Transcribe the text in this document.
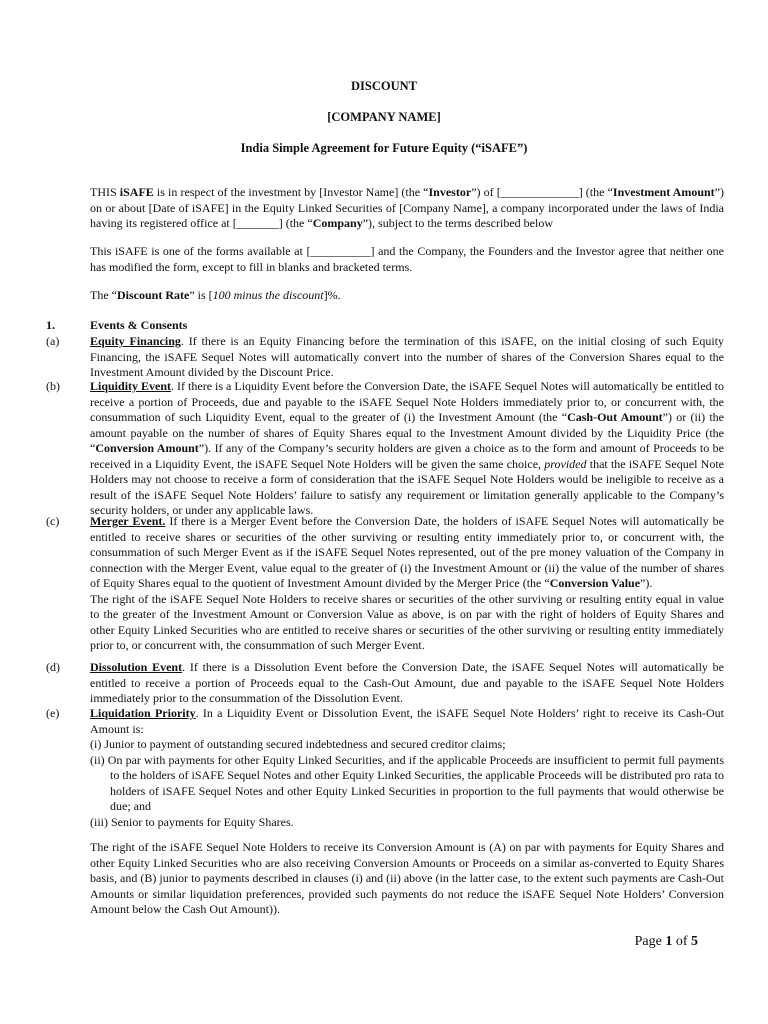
DISCOUNT
[COMPANY NAME]
India Simple Agreement for Future Equity (“iSAFE”)
THIS iSAFE is in respect of the investment by [Investor Name] (the “Investor”) of [_____________] (the “Investment Amount”) on or about [Date of iSAFE] in the Equity Linked Securities of [Company Name], a company incorporated under the laws of India having its registered office at [_______] (the “Company”), subject to the terms described below
This iSAFE is one of the forms available at [__________] and the Company, the Founders and the Investor agree that neither one has modified the form, except to fill in blanks and bracketed terms.
The “Discount Rate” is [100 minus the discount]%.
1.	Events & Consents
(a)	Equity Financing. If there is an Equity Financing before the termination of this iSAFE, on the initial closing of such Equity Financing, the iSAFE Sequel Notes will automatically convert into the number of shares of the Conversion Shares equal to the Investment Amount divided by the Discount Price.
(b)	Liquidity Event. If there is a Liquidity Event before the Conversion Date, the iSAFE Sequel Notes will automatically be entitled to receive a portion of Proceeds, due and payable to the iSAFE Sequel Note Holders immediately prior to, or concurrent with, the consummation of such Liquidity Event, equal to the greater of (i) the Investment Amount (the “Cash-Out Amount”) or (ii) the amount payable on the number of shares of Equity Shares equal to the Investment Amount divided by the Liquidity Price (the “Conversion Amount”). If any of the Company’s security holders are given a choice as to the form and amount of Proceeds to be received in a Liquidity Event, the iSAFE Sequel Note Holders will be given the same choice, provided that the iSAFE Sequel Note Holders may not choose to receive a form of consideration that the iSAFE Sequel Note Holders would be ineligible to receive as a result of the iSAFE Sequel Note Holders’ failure to satisfy any requirement or limitation generally applicable to the Company’s security holders, or under any applicable laws.
(c)	Merger Event. If there is a Merger Event before the Conversion Date, the holders of iSAFE Sequel Notes will automatically be entitled to receive shares or securities of the other surviving or resulting entity immediately prior to, or concurrent with, the consummation of such Merger Event as if the iSAFE Sequel Notes represented, out of the pre money valuation of the Company in connection with the Merger Event, value equal to the greater of (i) the Investment Amount or (ii) the value of the number of shares of Equity Shares equal to the quotient of Investment Amount divided by the Merger Price (the “Conversion Value”).
The right of the iSAFE Sequel Note Holders to receive shares or securities of the other surviving or resulting entity equal in value to the greater of the Investment Amount or Conversion Value as above, is on par with the right of holders of Equity Shares and other Equity Linked Securities who are entitled to receive shares or securities of the other surviving or resulting entity immediately prior to, or concurrent with, the consummation of such Merger Event.
(d)	Dissolution Event. If there is a Dissolution Event before the Conversion Date, the iSAFE Sequel Notes will automatically be entitled to receive a portion of Proceeds equal to the Cash-Out Amount, due and payable to the iSAFE Sequel Note Holders immediately prior to the consummation of the Dissolution Event.
(e)	Liquidation Priority. In a Liquidity Event or Dissolution Event, the iSAFE Sequel Note Holders’ right to receive its Cash-Out Amount is:
(i) Junior to payment of outstanding secured indebtedness and secured creditor claims;
(ii) On par with payments for other Equity Linked Securities, and if the applicable Proceeds are insufficient to permit full payments to the holders of iSAFE Sequel Notes and other Equity Linked Securities, the applicable Proceeds will be distributed pro rata to holders of iSAFE Sequel Notes and other Equity Linked Securities in proportion to the full payments that would otherwise be due; and
(iii) Senior to payments for Equity Shares.
The right of the iSAFE Sequel Note Holders to receive its Conversion Amount is (A) on par with payments for Equity Shares and other Equity Linked Securities who are also receiving Conversion Amounts or Proceeds on a similar as-converted to Equity Shares basis, and (B) junior to payments described in clauses (i) and (ii) above (in the latter case, to the extent such payments are Cash-Out Amounts or similar liquidation preferences, provided such payments do not reduce the iSAFE Sequel Note Holders’ Conversion Amount below the Cash Out Amount)).
Page 1 of 5
